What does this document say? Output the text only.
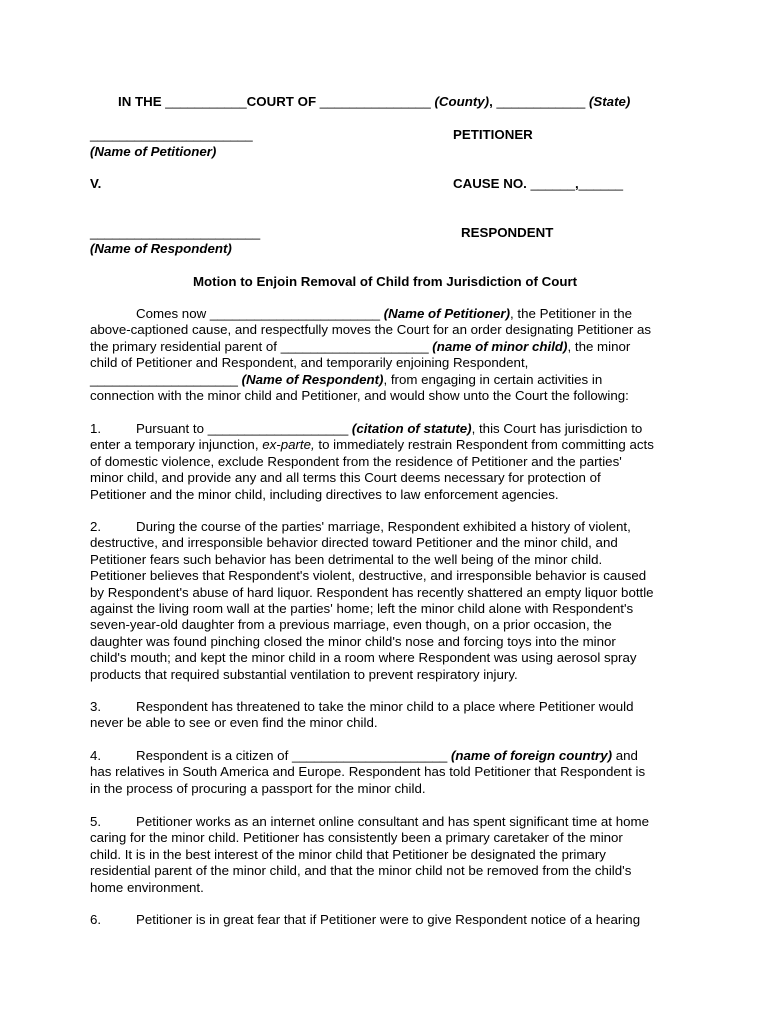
IN THE ___________COURT OF _______________ (County), ____________ (State)
______________________	PETITIONER
(Name of Petitioner)
V.	CAUSE NO. ______,______
_______________________	RESPONDENT
(Name of Respondent)
Motion to Enjoin Removal of Child from Jurisdiction of Court
Comes now _______________________ (Name of Petitioner), the Petitioner in the
above-captioned cause, and respectfully moves the Court for an order designating Petitioner as
the primary residential parent of ____________________ (name of minor child), the minor
child of Petitioner and Respondent, and temporarily enjoining Respondent,
____________________ (Name of Respondent), from engaging in certain activities in
connection with the minor child and Petitioner, and would show unto the Court the following:
1.	Pursuant to ___________________ (citation of statute), this Court has jurisdiction to
enter a temporary injunction, ex-parte, to immediately restrain Respondent from committing acts
of domestic violence, exclude Respondent from the residence of Petitioner and the parties'
minor child, and provide any and all terms this Court deems necessary for protection of
Petitioner and the minor child, including directives to law enforcement agencies.
2.	During the course of the parties' marriage, Respondent exhibited a history of violent,
destructive, and irresponsible behavior directed toward Petitioner and the minor child, and
Petitioner fears such behavior has been detrimental to the well being of the minor child.
Petitioner believes that Respondent's violent, destructive, and irresponsible behavior is caused
by Respondent's abuse of hard liquor. Respondent has recently shattered an empty liquor bottle
against the living room wall at the parties' home; left the minor child alone with Respondent's
seven-year-old daughter from a previous marriage, even though, on a prior occasion, the
daughter was found pinching closed the minor child's nose and forcing toys into the minor
child's mouth; and kept the minor child in a room where Respondent was using aerosol spray
products that required substantial ventilation to prevent respiratory injury.
3.	Respondent has threatened to take the minor child to a place where Petitioner would
never be able to see or even find the minor child.
4.	Respondent is a citizen of _____________________ (name of foreign country) and
has relatives in South America and Europe. Respondent has told Petitioner that Respondent is
in the process of procuring a passport for the minor child.
5.	Petitioner works as an internet online consultant and has spent significant time at home
caring for the minor child. Petitioner has consistently been a primary caretaker of the minor
child. It is in the best interest of the minor child that Petitioner be designated the primary
residential parent of the minor child, and that the minor child not be removed from the child's
home environment.
6.	Petitioner is in great fear that if Petitioner were to give Respondent notice of a hearing
